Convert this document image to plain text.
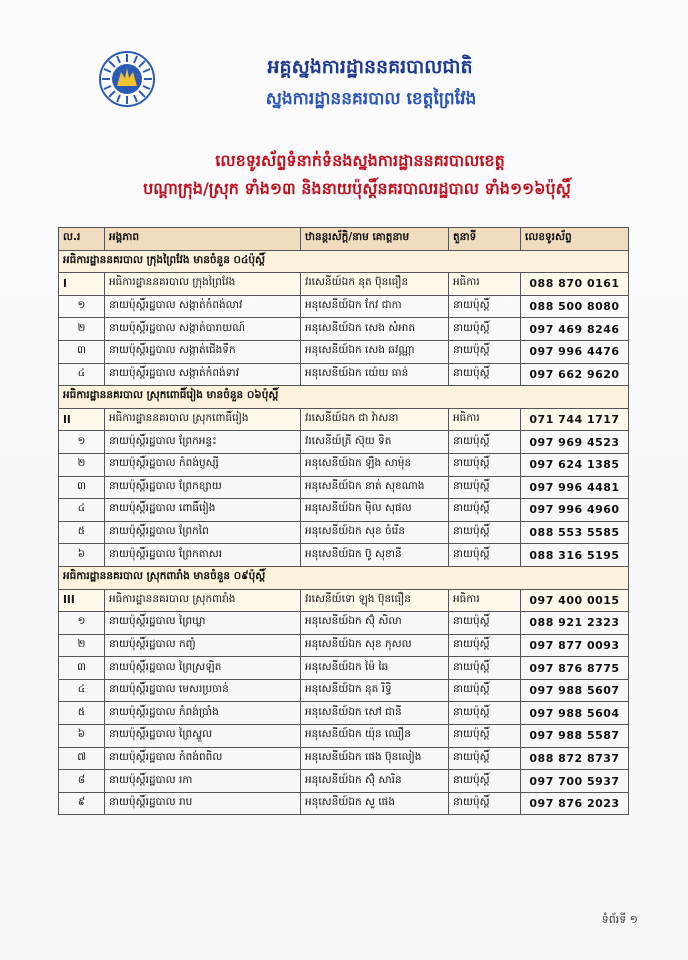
អគ្គស្នងការដ្ឋាននគរបាលជាតិ
ស្នងការដ្ឋាននគរបាល ខេត្តព្រៃវែង
លេខទូរស័ព្ទទំនាក់ទំនងស្នងការដ្ឋាននគរបាលខេត្ត
បណ្ដាក្រុង/ស្រុក ទាំង១៣ និងនាយប៉ុស្តិ៍នគរបាលរដ្ឋបាល ទាំង១១៦ប៉ុស្តិ៍
ល.រ	អង្គភាព	ឋានន្តរស័ក្តិ/នាម គោត្តនាម	តួនាទី	លេខទូរស័ព្ទ
អធិការដ្ឋាននគរបាល ក្រុងព្រៃវែង មានចំនួន ០៤ប៉ុស្តិ៍				
I	អធិការដ្ឋាននគរបាល ក្រុងព្រៃវែង	វរសេនីយ៍ឯក នុត ប៊ុនធឿន	អធិការ	088 870 0161
១	នាយប៉ុស្តិ៍រដ្ឋបាល សង្កាត់កំពង់លាវ	អនុសេនីយ៍ឯក កែវ ជាកា	នាយប៉ុស្តិ៍	088 500 8080
២	នាយប៉ុស្តិ៍រដ្ឋបាល សង្កាត់បារាយណ៍	អនុសេនីយ៍ឯក សេង សំអាត	នាយប៉ុស្តិ៍	097 469 8246
៣	នាយប៉ុស្តិ៍រដ្ឋបាល សង្កាត់ជើងទឹក	អនុសេនីយ៍ឯក សេង ឆវណ្ណា	នាយប៉ុស្តិ៍	097 996 4476
៤	នាយប៉ុស្តិ៍រដ្ឋបាល សង្កាត់កំពង់ទាវ	អនុសេនីយ៍ឯក យ៉េយ ធាន់	នាយប៉ុស្តិ៍	097 662 9620
អធិការដ្ឋាននគរបាល ស្រុកពោធិ៍រៀង មានចំនួន ០៦ប៉ុស្តិ៍				
II	អធិការដ្ឋាននគរបាល ស្រុកពោធិ៍រៀង	វរសេនីយ៍ឯក ជា វ៉ាសនា	អធិការ	071 744 1717
១	នាយប៉ុស្តិ៍រដ្ឋបាល ព្រែកអន្ទះ	វរសេនីយ៍ត្រី ស៊ុយ ទិត	នាយប៉ុស្តិ៍	097 969 4523
២	នាយប៉ុស្តិ៍រដ្ឋបាល កំពង់ប្ញស្សី	អនុសេនីយ៍ឯក ឡឹង សាម៉ុន	នាយប៉ុស្តិ៍	097 624 1385
៣	នាយប៉ុស្តិ៍រដ្ឋបាល ព្រែកខ្សាយ	អនុសេនីយ៍ឯក នាត់ សុខណាង	នាយប៉ុស្តិ៍	097 996 4481
៤	នាយប៉ុស្តិ៍រដ្ឋបាល ពោធិ៍រៀង	អនុសេនីយ៍ឯក ម៉ិល សុផល	នាយប៉ុស្តិ៍	097 996 4960
៥	នាយប៉ុស្តិ៍រដ្ឋបាល ព្រែកពៃ	អនុសេនីយ៍ឯក សុខ ចំរើន	នាយប៉ុស្តិ៍	088 553 5585
៦	នាយប៉ុស្តិ៍រដ្ឋបាល ព្រែកតាសរ	អនុសេនីយ៍ឯក ប៊ូ សុខានី	នាយប៉ុស្តិ៍	088 316 5195
អធិការដ្ឋាននគរបាល ស្រុកពារាំង មានចំនួន ០៩ប៉ុស្តិ៍				
III	អធិការដ្ឋាននគរបាល ស្រុកពារាំង	វរសេនីយ៍ទោ ឡុង ប៊ុនធឿន	អធិការ	097 400 0015
១	នាយប៉ុស្តិ៍រដ្ឋបាល ព្រៃឃ្លា	អនុសេនីយ៍ឯក ស៊ុំ សិលា	នាយប៉ុស្តិ៍	088 921 2323
២	នាយប៉ុស្តិ៍រដ្ឋបាល កញ្ចំ	អនុសេនីយ៍ឯក សុខ កុសល	នាយប៉ុស្តិ៍	097 877 0093
៣	នាយប៉ុស្តិ៍រដ្ឋបាល ព្រៃស្រឡិត	អនុសេនីយ៍ឯក ម៉ៃ ឆៃ	នាយប៉ុស្តិ៍	097 876 8775
៤	នាយប៉ុស្តិ៍រដ្ឋបាល មេសរប្រចាន់	អនុសេនីយ៍ឯក នុត រិទ្ធិ	នាយប៉ុស្តិ៍	097 988 5607
៥	នាយប៉ុស្តិ៍រដ្ឋបាល កំពង់ប្រាំង	អនុសេនីយ៍ឯក សៅ ជានី	នាយប៉ុស្តិ៍	097 988 5604
៦	នាយប៉ុស្តិ៍រដ្ឋបាល ព្រៃស្នួល	អនុសេនីយ៍ឯក យ៉ុន ឈឿន	នាយប៉ុស្តិ៍	097 988 5587
៧	នាយប៉ុស្តិ៍រដ្ឋបាល កំពង់ពពិល	អនុសេនីយ៍ឯក ផេង ប៊ុនលៀង	នាយប៉ុស្តិ៍	088 872 8737
៨	នាយប៉ុស្តិ៍រដ្ឋបាល រកា	អនុសេនីយ៍ឯក ស៊ុំ សារិន	នាយប៉ុស្តិ៍	097 700 5937
៩	នាយប៉ុស្តិ៍រដ្ឋបាល រាប	អនុសេនីយ៍ឯក សួ ផេង	នាយប៉ុស្តិ៍	097 876 2023
ទំព័រទី ១
